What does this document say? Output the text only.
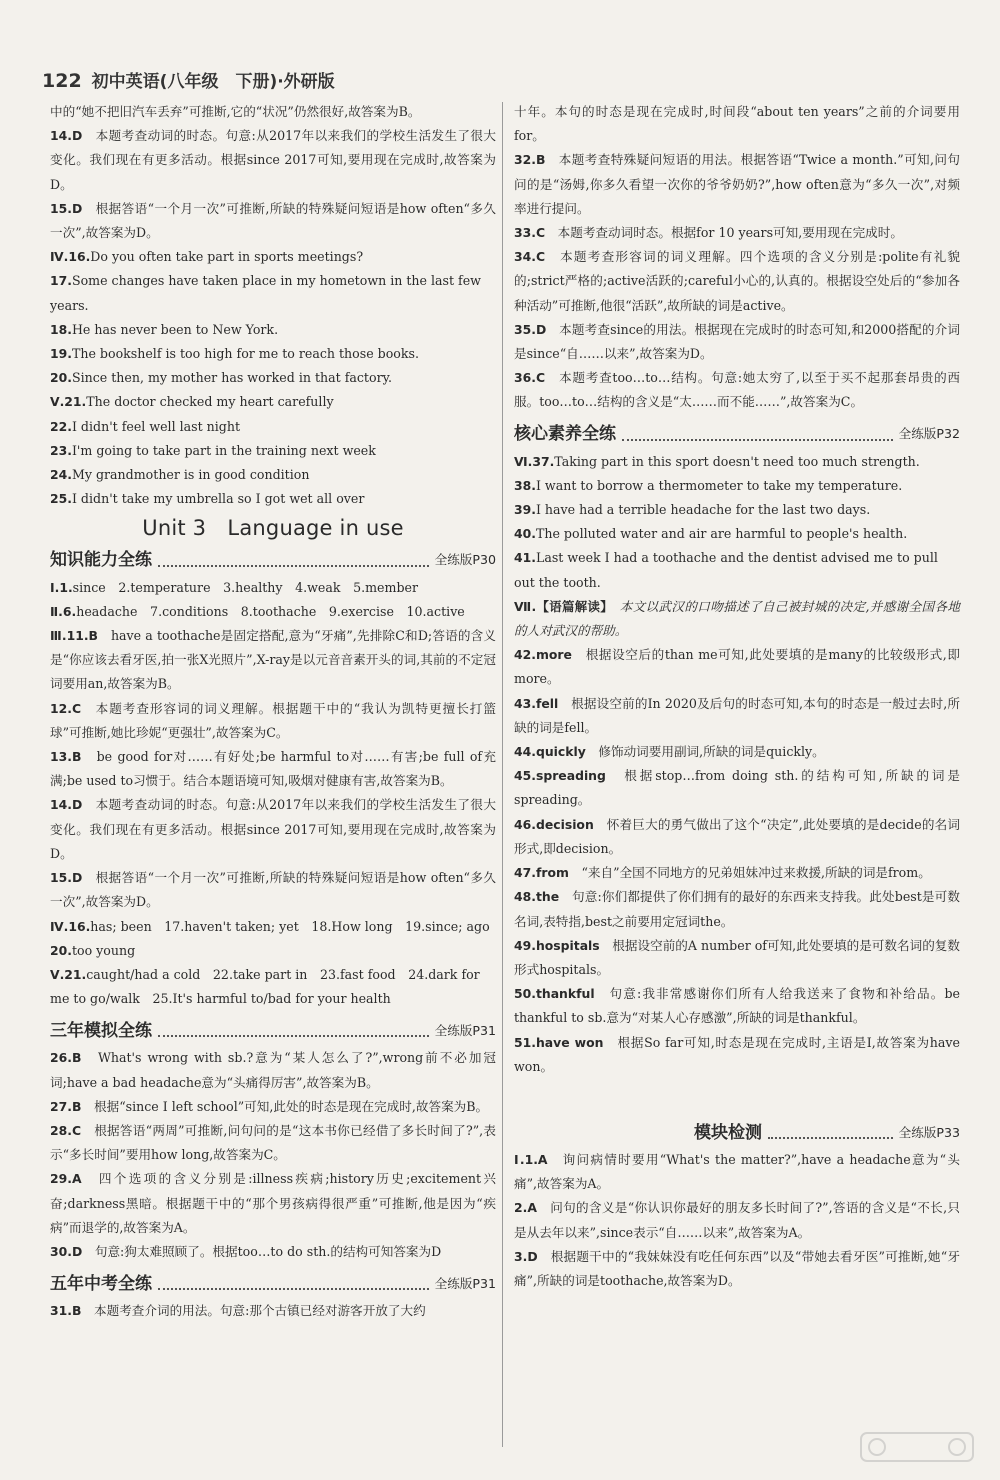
122 初中英语(八年级　下册)·外研版

中的“她不把旧汽车丢弃”可推断,它的“状况”仍然很好,故答案为B。

14.D　 本题考查动词的时态。句意:从2017年以来我们的学校生活发生了很大变化。我们现在有更多活动。根据since 2017可知,要用现在完成时,故答案为D。

15.D　 根据答语“一个月一次”可推断,所缺的特殊疑问短语是how often“多久一次”,故答案为D。

Ⅳ.16.Do you often take part in sports meetings?

17.Some changes have taken place in my hometown in the last few years.

18.He has never been to New York.

19.The bookshelf is too high for me to reach those books.

20.Since then, my mother has worked in that factory.

Ⅴ.21.The doctor checked my heart carefully

22.I didn't feel well last night

23.I'm going to take part in the training next week

24.My grandmother is in good condition

25.I didn't take my umbrella so I got wet all over

Unit 3　Language in use
知识能力全练	全练版P30

Ⅰ.1.since　2.temperature　3.healthy　4.weak　5.member

Ⅱ.6.headache　7.conditions　8.toothache　9.exercise　10.active

Ⅲ.11.B　 have a toothache是固定搭配,意为“牙痛”,先排除C和D;答语的含义是“你应该去看牙医,拍一张X光照片”,X-ray是以元音音素开头的词,其前的不定冠词要用an,故答案为B。

12.C　 本题考查形容词的词义理解。根据题干中的“我认为凯特更擅长打篮球”可推断,她比珍妮“更强壮”,故答案为C。

13.B　 be good for对……有好处;be harmful to对……有害;be full of充满;be used to习惯于。结合本题语境可知,吸烟对健康有害,故答案为B。

14.D　 本题考查动词的时态。句意:从2017年以来我们的学校生活发生了很大变化。我们现在有更多活动。根据since 2017可知,要用现在完成时,故答案为D。

15.D　 根据答语“一个月一次”可推断,所缺的特殊疑问短语是how often“多久一次”,故答案为D。

Ⅳ.16.has; been　17.haven't taken; yet　18.How long　19.since; ago

20.too young

Ⅴ.21.caught/had a cold　22.take part in　23.fast food　24.dark for me to go/walk　25.It's harmful to/bad for your health

三年模拟全练	全练版P31

26.B　 What's wrong with sb.?意为“某人怎么了?”,wrong前不必加冠词;have a bad headache意为“头痛得厉害”,故答案为B。

27.B　 根据“since I left school”可知,此处的时态是现在完成时,故答案为B。

28.C　 根据答语“两周”可推断,问句问的是“这本书你已经借了多长时间了?”,表示“多长时间”要用how long,故答案为C。

29.A　 四个选项的含义分别是:illness疾病;history历史;excitement兴奋;darkness黑暗。根据题干中的“那个男孩病得很严重”可推断,他是因为“疾病”而退学的,故答案为A。

30.D　 句意:狗太难照顾了。根据too…to do sth.的结构可知答案为D

五年中考全练	全练版P31

31.B　 本题考查介词的用法。句意:那个古镇已经对游客开放了大约

十年。本句的时态是现在完成时,时间段“about ten years”之前的介词要用for。

32.B　 本题考查特殊疑问短语的用法。根据答语“Twice a month.”可知,问句问的是“汤姆,你多久看望一次你的爷爷奶奶?”,how often意为“多久一次”,对频率进行提问。

33.C　 本题考查动词时态。根据for 10 years可知,要用现在完成时。

34.C　 本题考查形容词的词义理解。四个选项的含义分别是:polite有礼貌的;strict严格的;active活跃的;careful小心的,认真的。根据设空处后的“参加各种活动”可推断,他很“活跃”,故所缺的词是active。

35.D　 本题考查since的用法。根据现在完成时的时态可知,和2000搭配的介词是since“自……以来”,故答案为D。

36.C　 本题考查too…to…结构。句意:她太穷了,以至于买不起那套昂贵的西服。too…to…结构的含义是“太……而不能……”,故答案为C。

核心素养全练	全练版P32

Ⅵ.37.Taking part in this sport doesn't need too much strength.

38.I want to borrow a thermometer to take my temperature.

39.I have had a terrible headache for the last two days.

40.The polluted water and air are harmful to people's health.

41.Last week I had a toothache and the dentist advised me to pull out the tooth.

Ⅶ.【语篇解读】　 本文以武汉的口吻描述了自己被封城的决定,并感谢全国各地的人对武汉的帮助。

42.more　 根据设空后的than me可知,此处要填的是many的比较级形式,即more。

43.fell　 根据设空前的In 2020及后句的时态可知,本句的时态是一般过去时,所缺的词是fell。

44.quickly　 修饰动词要用副词,所缺的词是quickly。

45.spreading　 根据stop…from doing sth.的结构可知,所缺的词是spreading。

46.decision　 怀着巨大的勇气做出了这个“决定”,此处要填的是decide的名词形式,即decision。

47.from　 “来自”全国不同地方的兄弟姐妹冲过来救援,所缺的词是from。

48.the　 句意:你们都提供了你们拥有的最好的东西来支持我。此处best是可数名词,表特指,best之前要用定冠词the。

49.hospitals　 根据设空前的A number of可知,此处要填的是可数名词的复数形式hospitals。

50.thankful　 句意:我非常感谢你们所有人给我送来了食物和补给品。be thankful to sb.意为“对某人心存感激”,所缺的词是thankful。

51.have won　 根据So far可知,时态是现在完成时,主语是I,故答案为have won。

模块检测	全练版P33

Ⅰ.1.A　 询问病情时要用“What's the matter?”,have a headache意为“头痛”,故答案为A。

2.A　 问句的含义是“你认识你最好的朋友多长时间了?”,答语的含义是“不长,只是从去年以来”,since表示“自……以来”,故答案为A。

3.D　 根据题干中的“我妹妹没有吃任何东西”以及“带她去看牙医”可推断,她“牙痛”,所缺的词是toothache,故答案为D。
